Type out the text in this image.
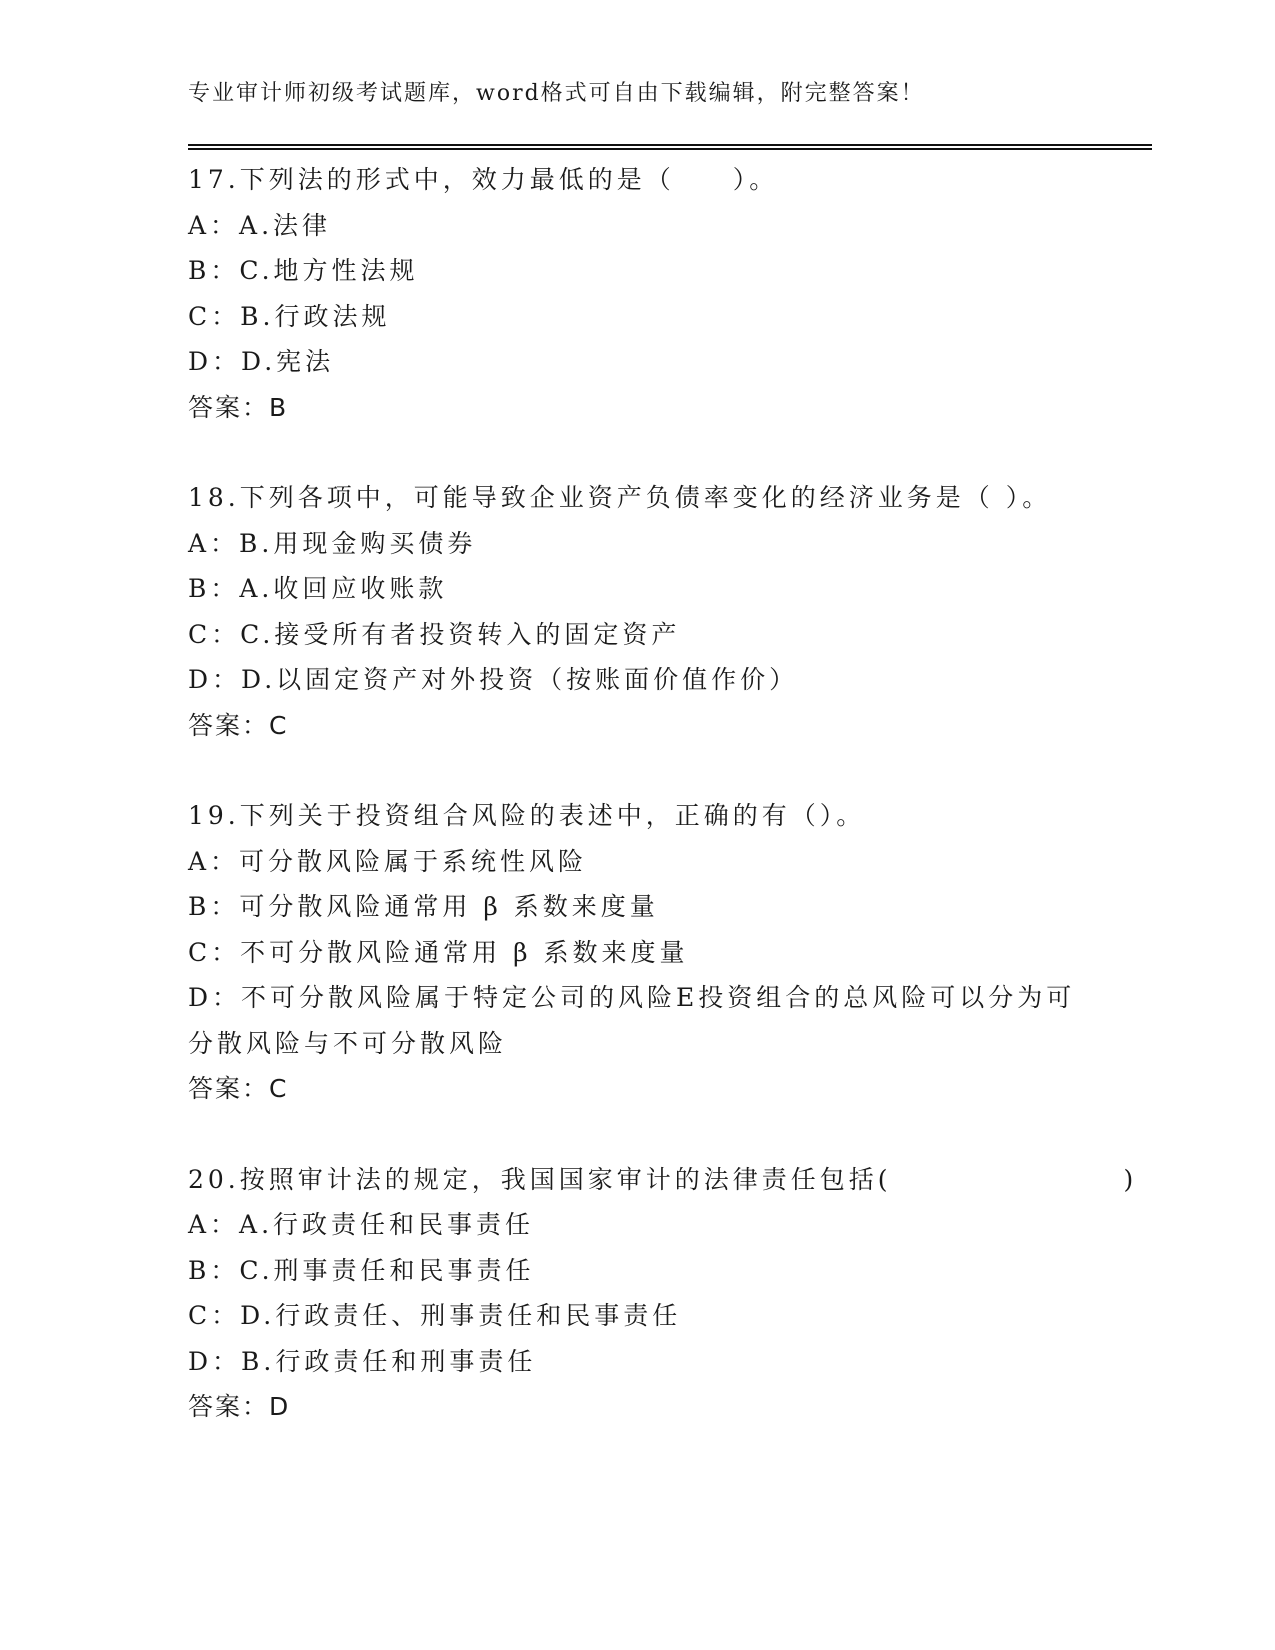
专业审计师初级考试题库，word格式可自由下载编辑，附完整答案！
17.下列法的形式中，效力最低的是（　　）。
A：A.法律
B：C.地方性法规
C：B.行政法规
D：D.宪法
答案：B
18.下列各项中，可能导致企业资产负债率变化的经济业务是（ ）。
A：B.用现金购买债券
B：A.收回应收账款
C：C.接受所有者投资转入的固定资产
D：D.以固定资产对外投资（按账面价值作价）
答案：C
19.下列关于投资组合风险的表述中，正确的有（）。
A：可分散风险属于系统性风险
B：可分散风险通常用 β 系数来度量
C：不可分散风险通常用 β 系数来度量
D：不可分散风险属于特定公司的风险E投资组合的总风险可以分为可分散风险与不可分散风险
答案：C
20.按照审计法的规定，我国国家审计的法律责任包括(　　　　　　　　)
A：A.行政责任和民事责任
B：C.刑事责任和民事责任
C：D.行政责任、刑事责任和民事责任
D：B.行政责任和刑事责任
答案：D
